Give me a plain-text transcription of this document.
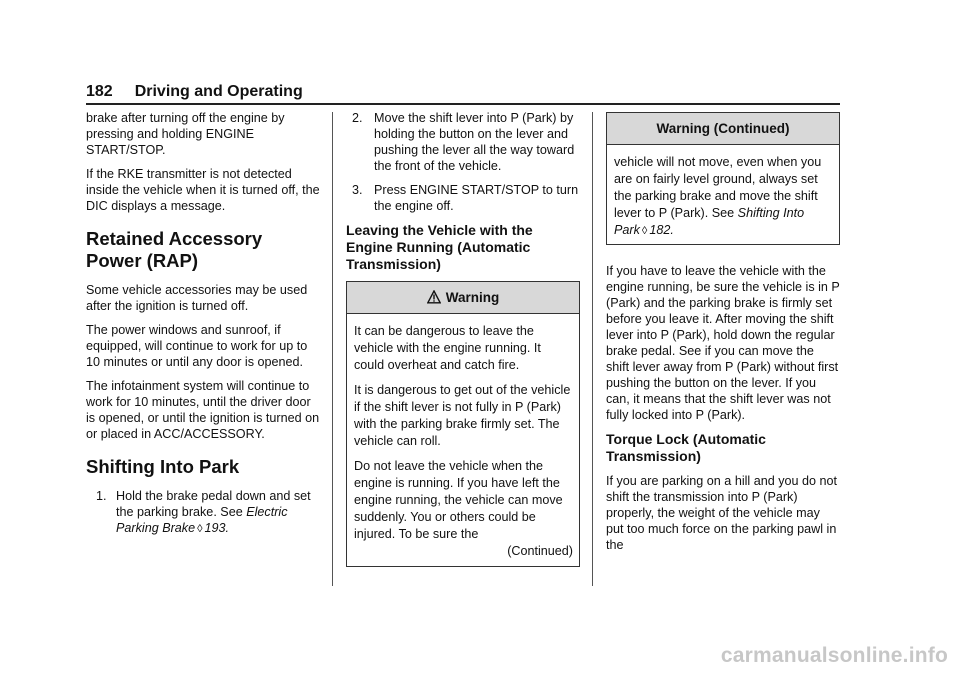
182 Driving and Operating

brake after turning off the engine by pressing and holding ENGINE START/STOP.

If the RKE transmitter is not detected inside the vehicle when it is turned off, the DIC displays a message.

Retained Accessory Power (RAP)

Some vehicle accessories may be used after the ignition is turned off.

The power windows and sunroof, if equipped, will continue to work for up to 10 minutes or until any door is opened.

The infotainment system will continue to work for 10 minutes, until the driver door is opened, or until the ignition is turned on or placed in ACC/ACCESSORY.

Shifting Into Park
1. Hold the brake pedal down and set the parking brake. See Electric Parking Brake ◊ 193.
2. Move the shift lever into P (Park) by holding the button on the lever and pushing the lever all the way toward the front of the vehicle.
3. Press ENGINE START/STOP to turn the engine off.
Leaving the Vehicle with the Engine Running (Automatic Transmission)
Warning

It can be dangerous to leave the vehicle with the engine running. It could overheat and catch fire.

It is dangerous to get out of the vehicle if the shift lever is not fully in P (Park) with the parking brake firmly set. The vehicle can roll.

Do not leave the vehicle when the engine is running. If you have left the engine running, the vehicle can move suddenly. You or others could be injured. To be sure the

(Continued)
Warning (Continued)
vehicle will not move, even when you are on fairly level ground, always set the parking brake and move the shift lever to P (Park). See Shifting Into Park ◊ 182.

If you have to leave the vehicle with the engine running, be sure the vehicle is in P (Park) and the parking brake is firmly set before you leave it. After moving the shift lever into P (Park), hold down the regular brake pedal. See if you can move the shift lever away from P (Park) without first pushing the button on the lever. If you can, it means that the shift lever was not fully locked into P (Park).

Torque Lock (Automatic Transmission)

If you are parking on a hill and you do not shift the transmission into P (Park) properly, the weight of the vehicle may put too much force on the parking pawl in the

carmanualsonline.info
